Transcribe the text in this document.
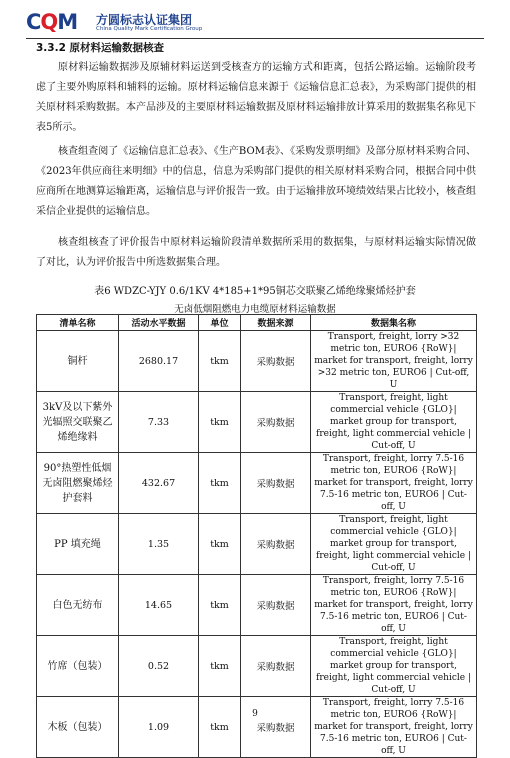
CQM 方圆标志认证集团
China Quality Mark Certification Group
3.3.2 原材料运输数据核查

原材料运输数据涉及原辅材料运送到受核查方的运输方式和距离，包括公路运输。运输阶段考虑了主要外购原料和辅料的运输。原材料运输信息来源于《运输信息汇总表》，为采购部门提供的相关原材料采购数据。本产品涉及的主要原材料运输数据及原材料运输排放计算采用的数据集名称见下表5所示。

核查组查阅了《运输信息汇总表》、《生产BOM表》、《采购发票明细》及部分原材料采购合同、《2023年供应商往来明细》中的信息，信息为采购部门提供的相关原材料采购合同，根据合同中供应商所在地测算运输距离，运输信息与评价报告一致。由于运输排放环境绩效结果占比较小，核查组采信企业提供的运输信息。

核查组核查了评价报告中原材料运输阶段清单数据所采用的数据集，与原材料运输实际情况做了对比，认为评价报告中所选数据集合理。

表6 WDZC-YJY 0.6/1KV 4*185+1*95铜芯交联聚乙烯绝缘聚烯烃护套
无卤低烟阻燃电力电缆原材料运输数据
清单名称	活动水平数据	单位	数据来源	数据集名称
铜杆	2680.17	tkm	采购数据	Transport, freight, lorry >32 metric ton, EURO6 {RoW}| market for transport, freight, lorry >32 metric ton, EURO6 | Cut-off, U
3kV及以下紫外光辐照交联聚乙烯绝缘料	7.33	tkm	采购数据	Transport, freight, light commercial vehicle {GLO}| market group for transport, freight, light commercial vehicle | Cut-off, U
90°热塑性低烟无卤阻燃聚烯烃护套料	432.67	tkm	采购数据	Transport, freight, lorry 7.5-16 metric ton, EURO6 {RoW}| market for transport, freight, lorry 7.5-16 metric ton, EURO6 | Cut-off, U
PP 填充绳	1.35	tkm	采购数据	Transport, freight, light commercial vehicle {GLO}| market group for transport, freight, light commercial vehicle | Cut-off, U
白色无纺布	14.65	tkm	采购数据	Transport, freight, lorry 7.5-16 metric ton, EURO6 {RoW}| market for transport, freight, lorry 7.5-16 metric ton, EURO6 | Cut-off, U
竹席（包装）	0.52	tkm	采购数据	Transport, freight, light commercial vehicle {GLO}| market group for transport, freight, light commercial vehicle | Cut-off, U
木板（包装）	1.09	tkm	采购数据	Transport, freight, lorry 7.5-16 metric ton, EURO6 {RoW}| market for transport, freight, lorry 7.5-16 metric ton, EURO6 | Cut-off, U
9
